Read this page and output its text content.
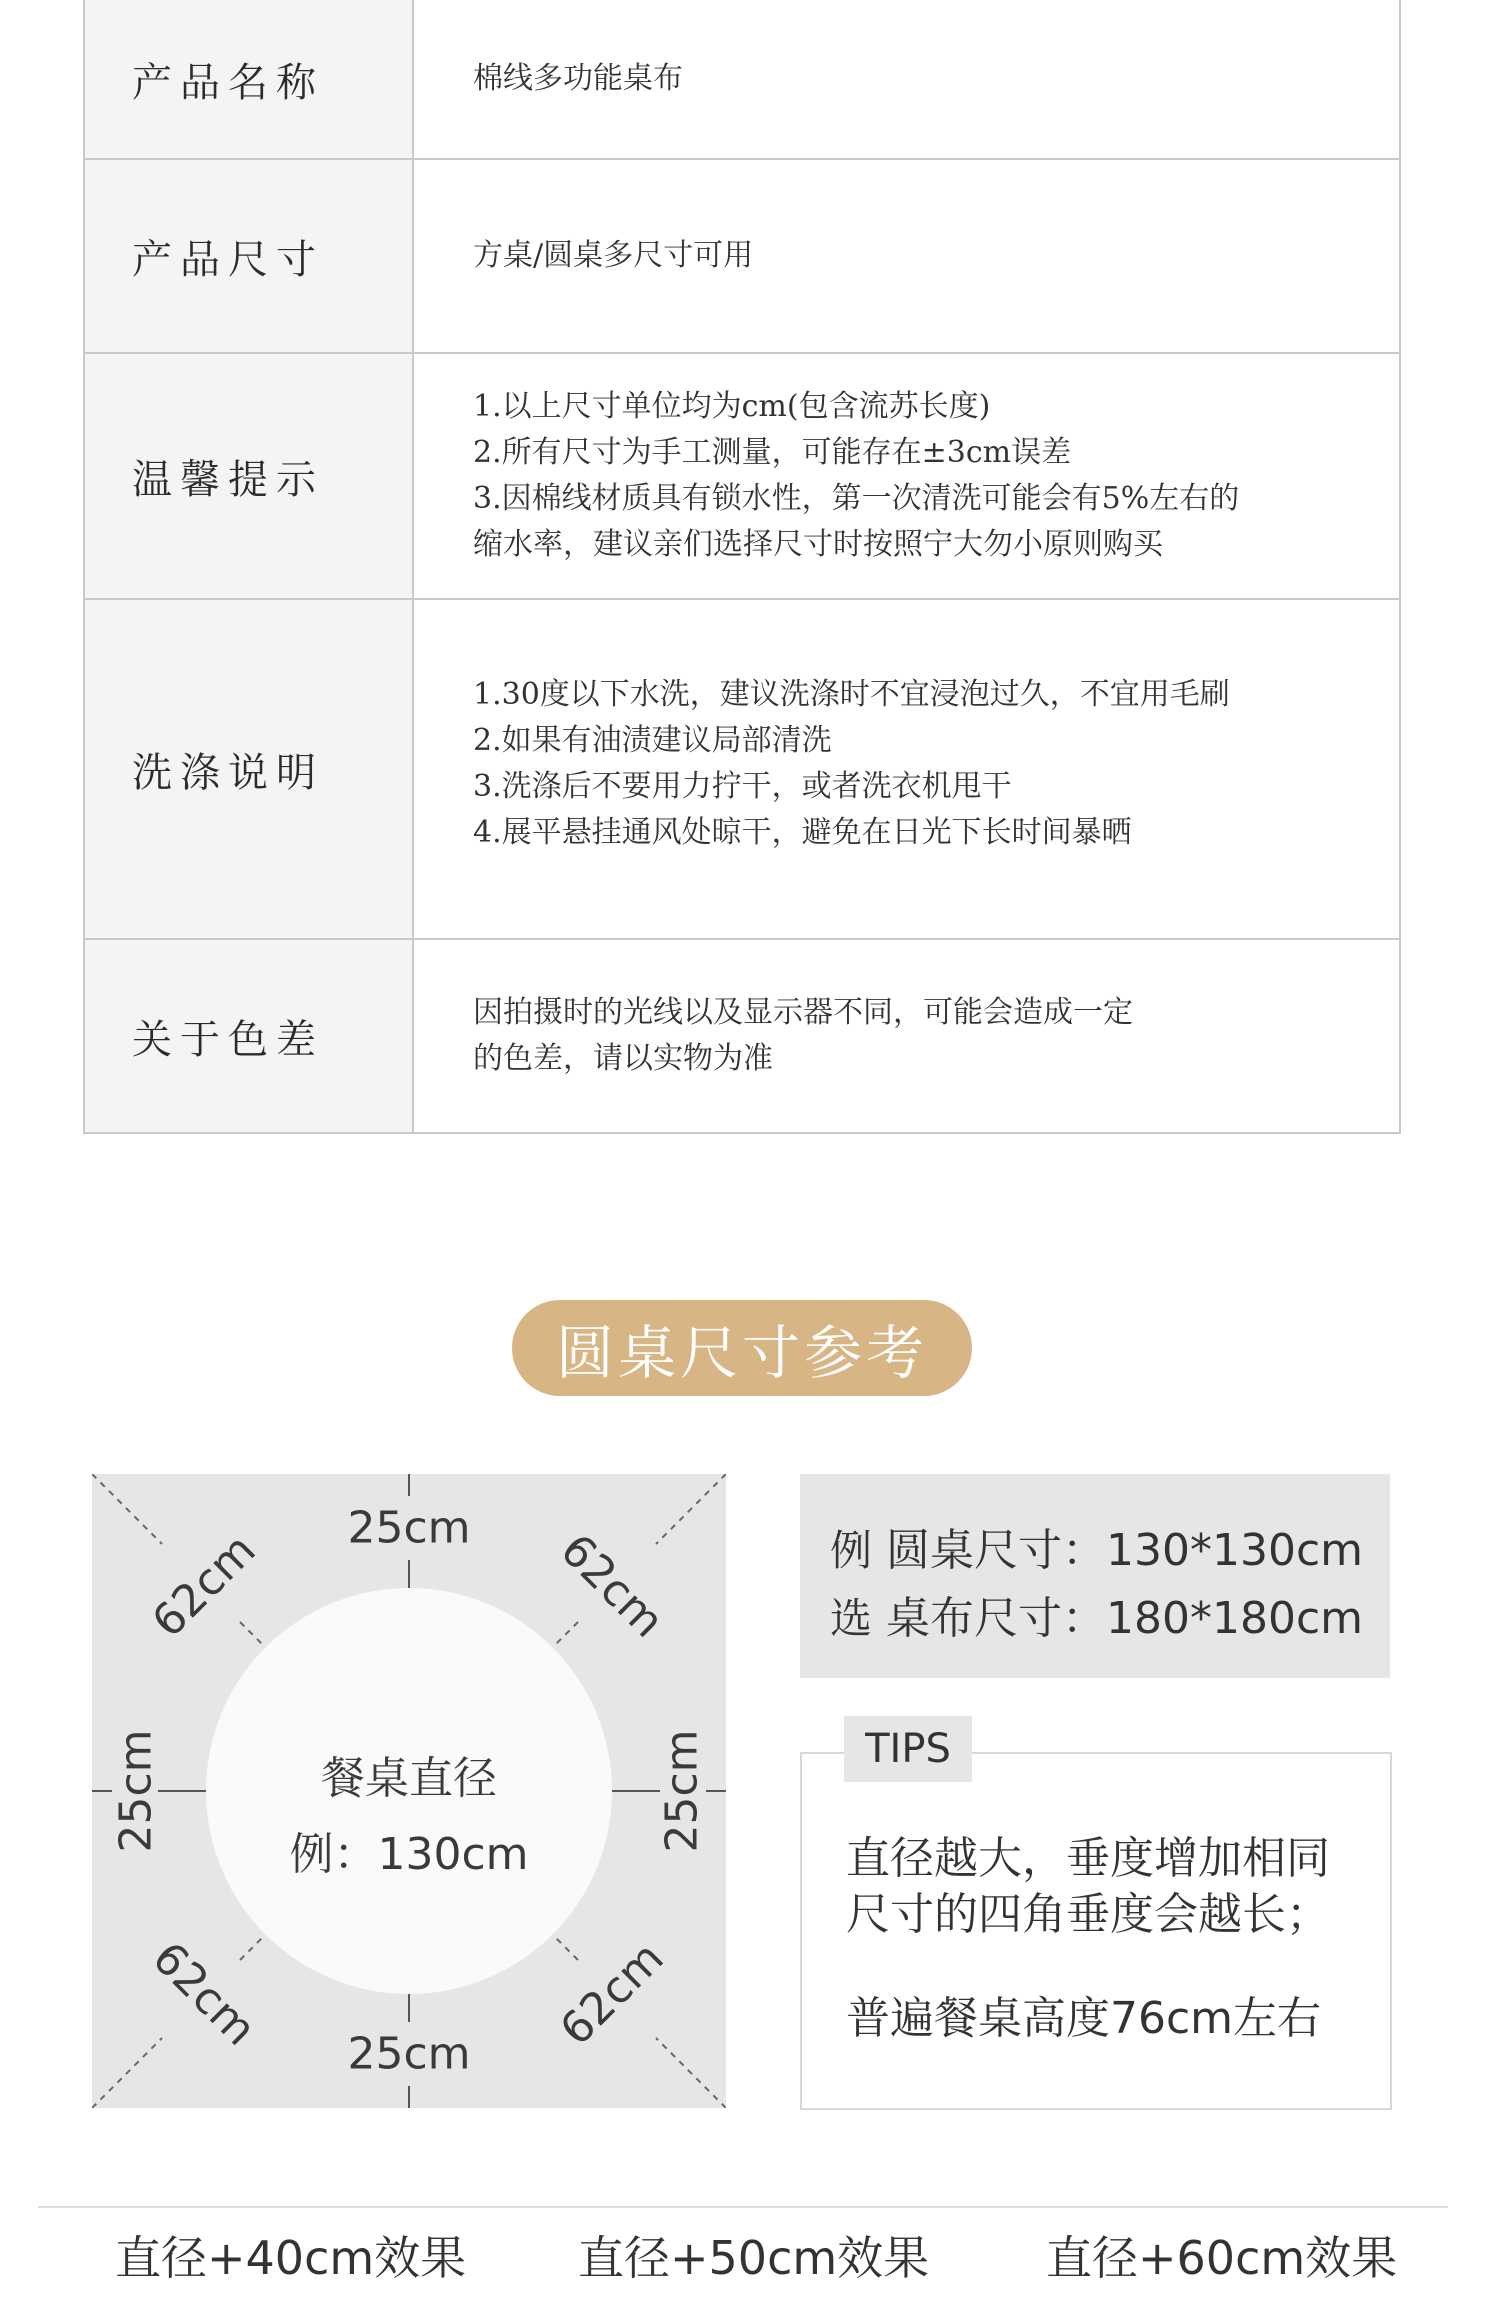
产品名称	棉线多功能桌布

产品尺寸	方桌/圆桌多尺寸可用

温馨提示	1.以上尺寸单位均为cm(包含流苏长度)
2.所有尺寸为手工测量，可能存在±3cm误差
3.因棉线材质具有锁水性，第一次清洗可能会有5%左右的
缩水率，建议亲们选择尺寸时按照宁大勿小原则购买

洗涤说明	1.30度以下水洗，建议洗涤时不宜浸泡过久，不宜用毛刷
2.如果有油渍建议局部清洗
3.洗涤后不要用力拧干，或者洗衣机甩干
4.展平悬挂通风处晾干，避免在日光下长时间暴晒

关于色差	因拍摄时的光线以及显示器不同，可能会造成一定
的色差，请以实物为准
圆桌尺寸参考
餐桌直径
例：130cm
25cm
25cm
25cm	25cm
62cm	62cm
62cm	62cm
例 圆桌尺寸：130*130cm
选 桌布尺寸：180*180cm
直径越大，垂度增加相同
尺寸的四角垂度会越长；
普遍餐桌高度76cm左右
TIPS
直径+40cm效果 直径+50cm效果	直径+60cm效果
